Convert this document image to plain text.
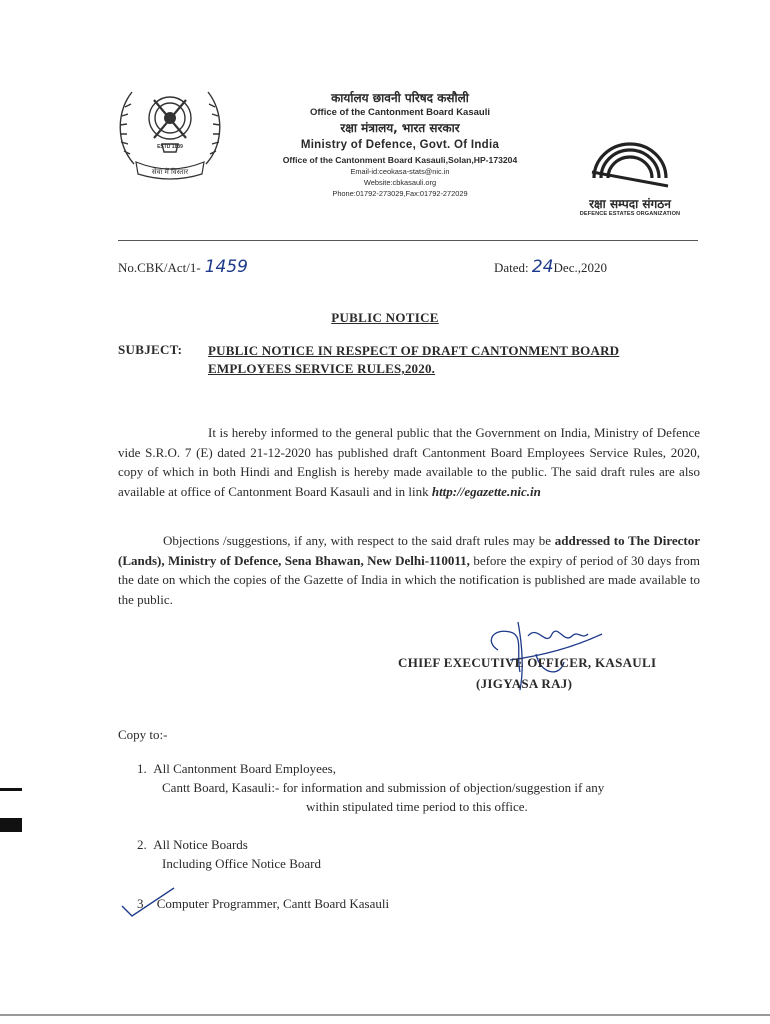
ESTD 1839
सेवा में विस्तार
कार्यालय छावनी परिषद कसौली
Office of the Cantonment Board Kasauli
रक्षा मंत्रालय, भारत सरकार
Ministry of Defence, Govt. Of India
Office of the Cantonment Board Kasauli,Solan,HP-173204
Email-id:ceokasa-stats@nic.in
Website:cbkasauli.org
Phone:01792-273029,Fax:01792-272029
रक्षा सम्पदा संगठन
DEFENCE ESTATES ORGANIZATION
No.CBK/Act/1- 1459	Dated: 24Dec.,2020
PUBLIC NOTICE
SUBJECT: PUBLIC NOTICE IN RESPECT OF DRAFT CANTONMENT BOARD
EMPLOYEES SERVICE RULES,2020.
It is hereby informed to the general public that the Government on India, Ministry of Defence vide S.R.O. 7 (E) dated 21-12-2020 has published draft Cantonment Board Employees Service Rules, 2020, copy of which in both Hindi and English is hereby made available to the public. The said draft rules are also available at office of Cantonment Board Kasauli and in link http://egazette.nic.in
Objections /suggestions, if any, with respect to the said draft rules may be addressed to The Director (Lands), Ministry of Defence, Sena Bhawan, New Delhi-110011, before the expiry of period of 30 days from the date on which the copies of the Gazette of India in which the notification is published are made available to the public.
CHIEF EXECUTIVE OFFICER, KASAULI
(JIGYASA RAJ)
Copy to:-
1. All Cantonment Board Employees,
Cantt Board, Kasauli:- for information and submission of objection/suggestion if any
within stipulated time period to this office.
2. All Notice Boards
Including Office Notice Board
3. Computer Programmer, Cantt Board Kasauli
